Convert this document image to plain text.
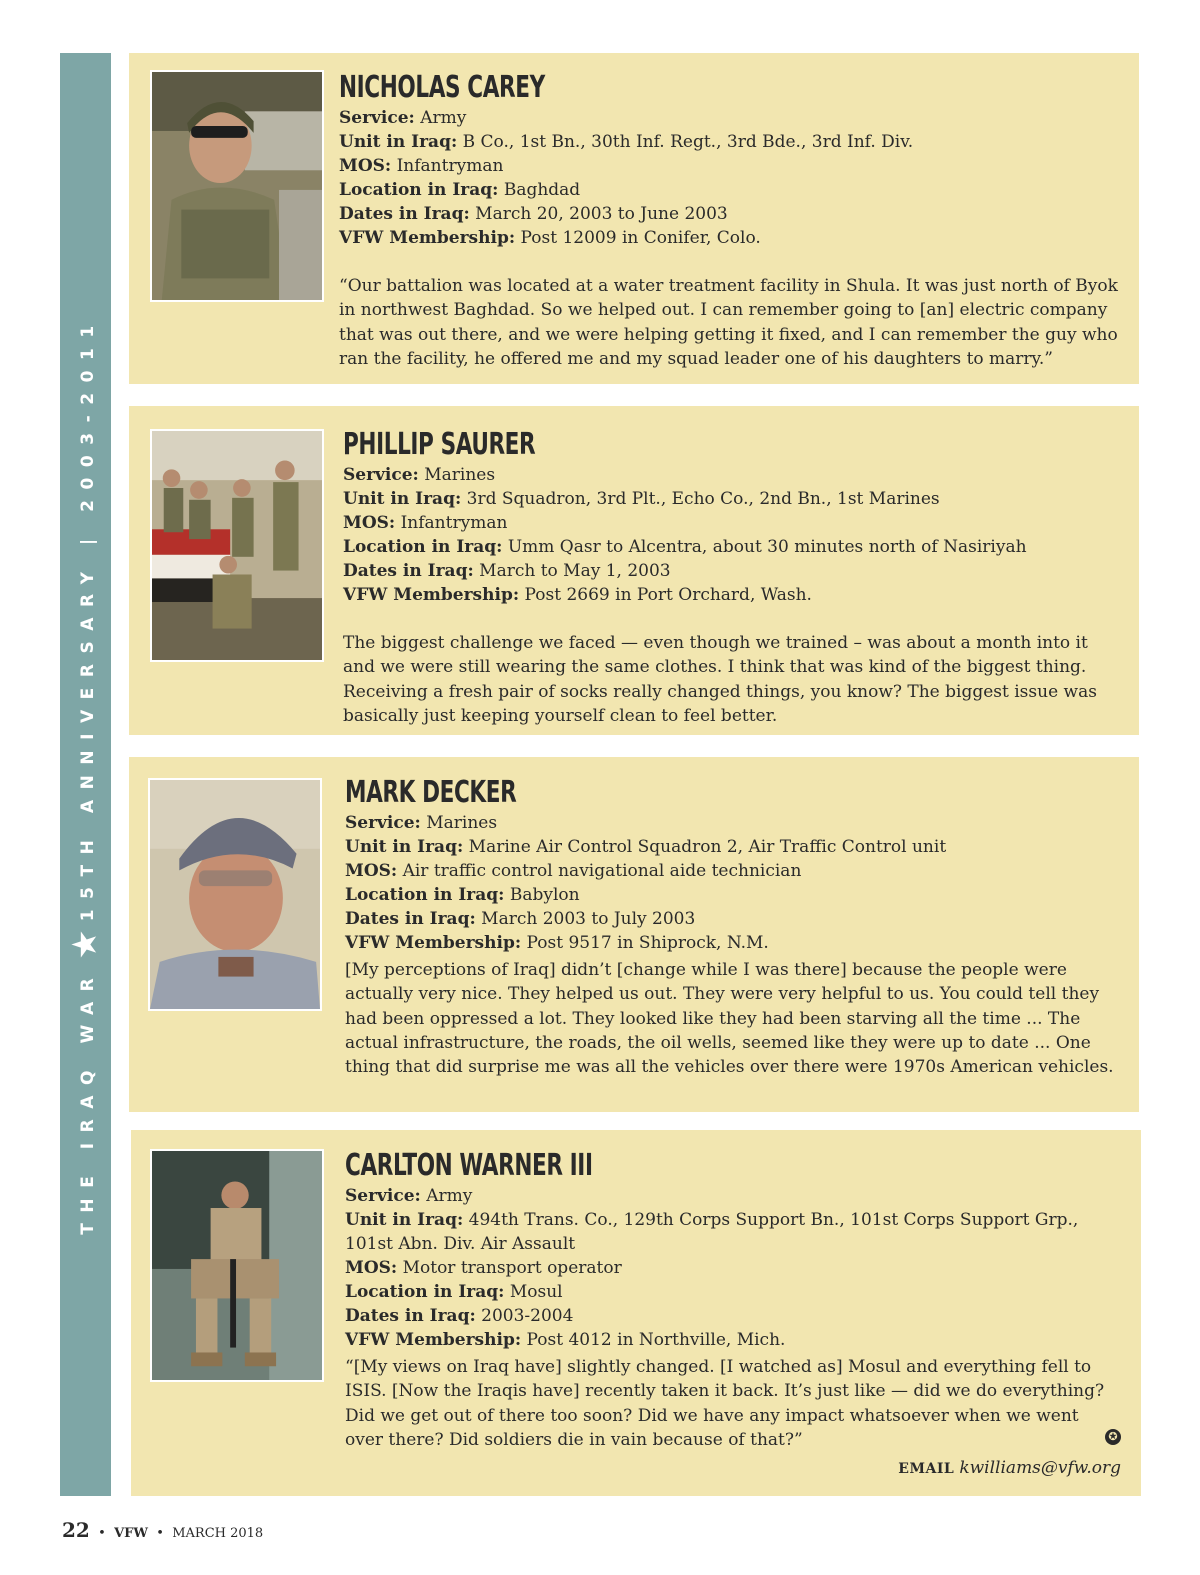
THE IRAQ WAR★15TH ANNIVERSARY | 2003-2011
NICHOLAS CAREY

Service: Army

Unit in Iraq: B Co., 1st Bn., 30th Inf. Regt., 3rd Bde., 3rd Inf. Div.

MOS: Infantryman

Location in Iraq: Baghdad

Dates in Iraq: March 20, 2003 to June 2003

VFW Membership: Post 12009 in Conifer, Colo.

“Our battalion was located at a water treatment facility in Shula. It was just north of Byok in northwest Baghdad. So we helped out. I can remember going to [an] electric company that was out there, and we were helping getting it fixed, and I can remember the guy who ran the facility, he offered me and my squad leader one of his daughters to marry.”

PHILLIP SAURER

Service: Marines

Unit in Iraq: 3rd Squadron, 3rd Plt., Echo Co., 2nd Bn., 1st Marines

MOS: Infantryman

Location in Iraq: Umm Qasr to Alcentra, about 30 minutes north of Nasiriyah

Dates in Iraq: March to May 1, 2003

VFW Membership: Post 2669 in Port Orchard, Wash.

The biggest challenge we faced — even though we trained – was about a month into it and we were still wearing the same clothes. I think that was kind of the biggest thing. Receiving a fresh pair of socks really changed things, you know? The biggest issue was basically just keeping yourself clean to feel better.

MARK DECKER

Service: Marines

Unit in Iraq: Marine Air Control Squadron 2, Air Traffic Control unit

MOS: Air traffic control navigational aide technician

Location in Iraq: Babylon

Dates in Iraq: March 2003 to July 2003

VFW Membership: Post 9517 in Shiprock, N.M.

[My perceptions of Iraq] didn’t [change while I was there] because the people were actually very nice. They helped us out. They were very helpful to us. You could tell they had been oppressed a lot. They looked like they had been starving all the time ... The actual infrastructure, the roads, the oil wells, seemed like they were up to date ... One thing that did surprise me was all the vehicles over there were 1970s American vehicles.

CARLTON WARNER III

Service: Army

Unit in Iraq: 494th Trans. Co., 129th Corps Support Bn., 101st Corps Support Grp., 101st Abn. Div. Air Assault

MOS: Motor transport operator

Location in Iraq: Mosul

Dates in Iraq: 2003-2004

VFW Membership: Post 4012 in Northville, Mich.

“[My views on Iraq have] slightly changed. [I watched as] Mosul and everything fell to ISIS. [Now the Iraqis have] recently taken it back. It’s just like — did we do everything? Did we get out of there too soon? Did we have any impact whatsoever when we went over there? Did soldiers die in vain because of that?”	✪
EMAIL kwilliams@vfw.org
22  •  VFW  •  MARCH 2018
